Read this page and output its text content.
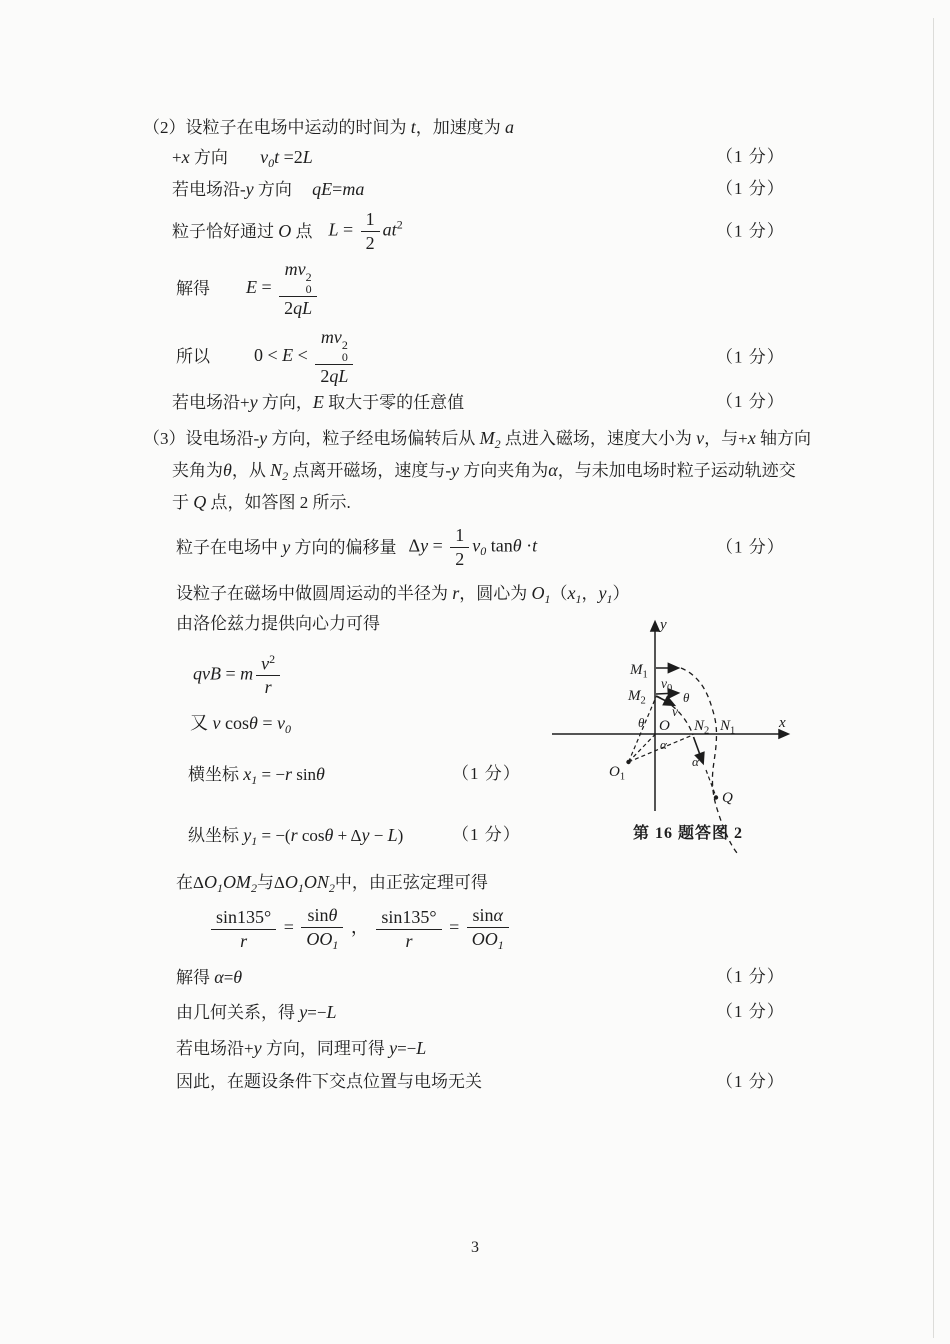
（2）设粒子在电场中运动的时间为 t，加速度为 a
+x 方向 $v_0t =2L$	（1 分）
若电场沿-y 方向 qE=ma	（1 分）
粒子恰好通过 O 点 $L = \frac{1}{2} at^2$	（1 分）
解得 E = mv 2
0
2qL
所以 0 < E < mv 2
0
2qL	（1 分）
若电场沿+y 方向，E 取大于零的任意值	（1 分）
（3）设电场沿-y 方向，粒子经电场偏转后从 $M_2$ 点进入磁场，速度大小为 v，与+x 轴方向
夹角为θ，从 $N_2$ 点离开磁场，速度与-y 方向夹角为α，与未加电场时粒子运动轨迹交
于 Q 点，如答图 2 所示.
粒子在电场中 y 方向的偏移量 $\Delta y = \frac{1}{2} v_0$ tanθ ·t	（1 分）
设粒子在磁场中做圆周运动的半径为 r，圆心为 $O_1(x_1$，$y_1$）
由洛伦兹力提供向心力可得
qvB = m $\frac{v^2}{r}$
又 v $\cos\theta = v_0$
横坐标 $x_1 = -r$ sinθ	（1 分）
纵坐标 $y_1 = -(r$ cosθ + Δy − L)	（1 分）
在$\Delta O_1OM_2$与$\Delta O_1ON_2$中，由正弦定理可得
$\frac{\sin 135^\circ}{r} = \frac{\sin\theta}{OO_1}$ ， $\frac{\sin 135^\circ}{r} = \frac{\sin\alpha}{OO_1}$
解得 α=θ	（1 分）
由几何关系，得 y=−L	（1 分）
若电场沿+y 方向，同理可得 y=−L
因此，在题设条件下交点位置与电场无关	（1 分）
y
x
O
$M_1$
$M_2$
$N_2$ $N_1$
$O_1$
Q
$v_0$
v
θ
θ
α
α
第 16 题答图 2
3
